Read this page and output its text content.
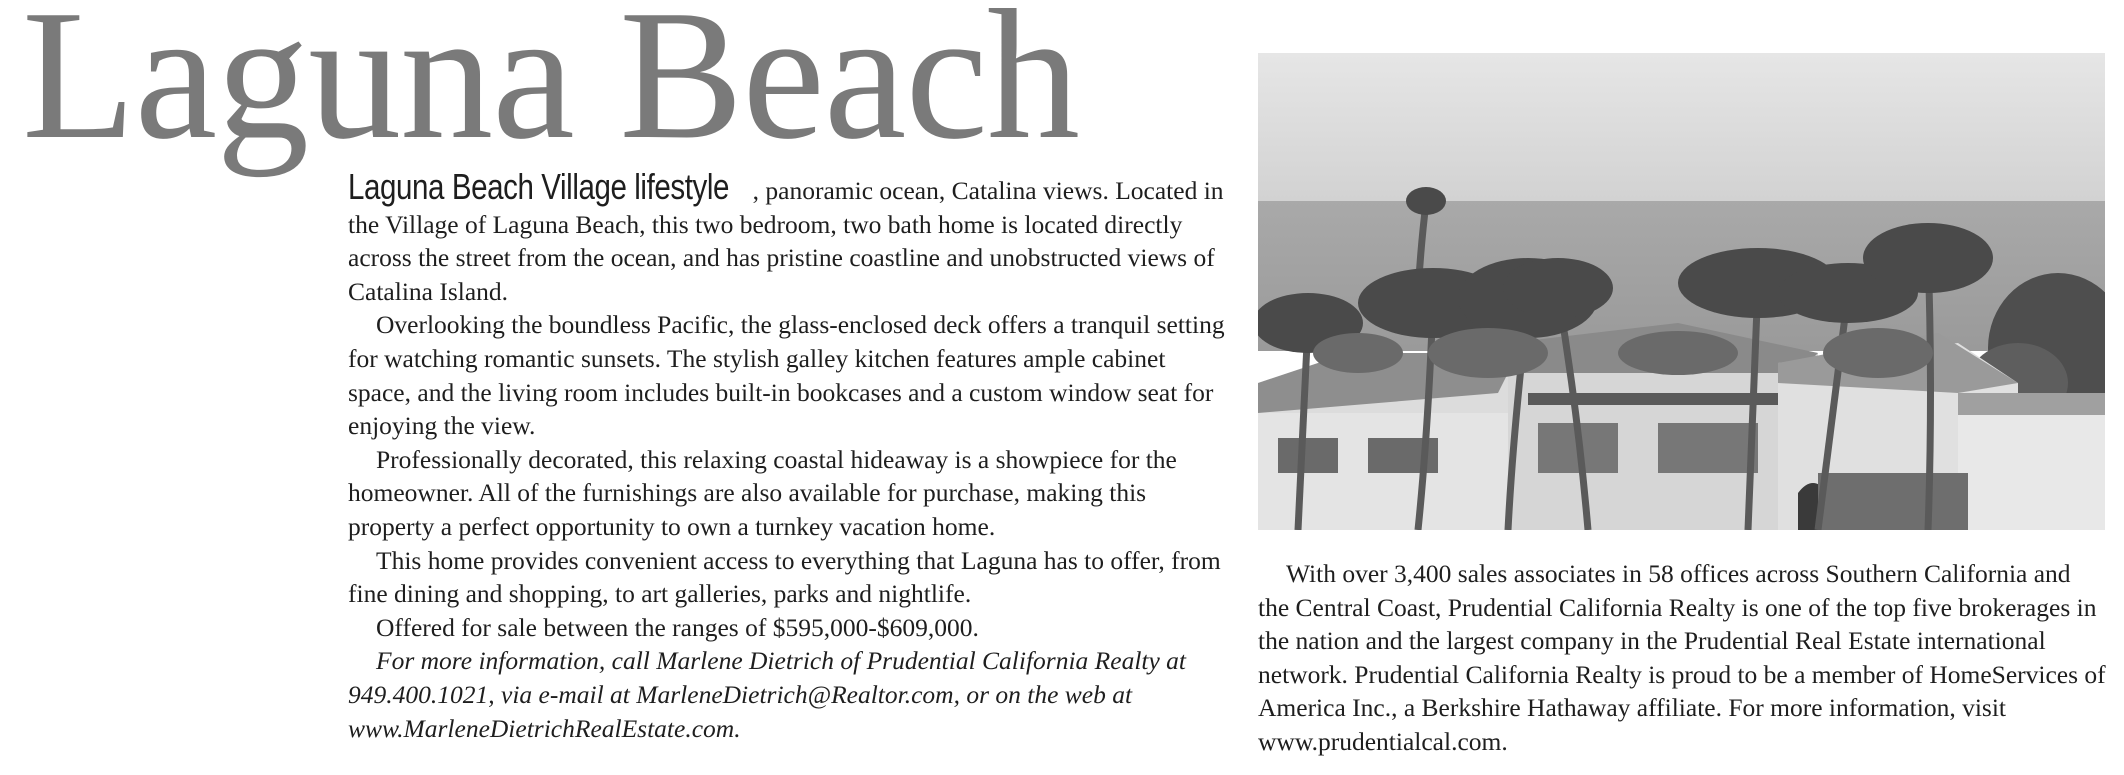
Laguna Beach

Laguna Beach Village lifestyle , panoramic ocean, Catalina views. Located in the Village of Laguna Beach, this two bedroom, two bath home is located directly across the street from the ocean, and has pristine coastline and unobstructed views of Catalina Island.

Overlooking the boundless Pacific, the glass-enclosed deck offers a tranquil setting for watching romantic sunsets. The stylish galley kitchen features ample cabinet space, and the living room includes built-in bookcases and a custom window seat for enjoying the view.

Professionally decorated, this relaxing coastal hideaway is a showpiece for the homeowner. All of the furnishings are also available for purchase, making this property a perfect opportunity to own a turnkey vacation home.

This home provides convenient access to everything that Laguna has to offer, from fine dining and shopping, to art galleries, parks and nightlife.

Offered for sale between the ranges of $595,000-$609,000.

For more information, call Marlene Dietrich of Prudential California Realty at 949.400.1021, via e-mail at MarleneDietrich@Realtor.com, or on the web at www.MarleneDietrichRealEstate.com.

With over 3,400 sales associates in 58 offices across Southern California and the Central Coast, Prudential California Realty is one of the top five brokerages in the nation and the largest company in the Prudential Real Estate international network. Prudential California Realty is proud to be a member of HomeServices of America Inc., a Berkshire Hathaway affiliate. For more information, visit www.prudentialcal.com.
